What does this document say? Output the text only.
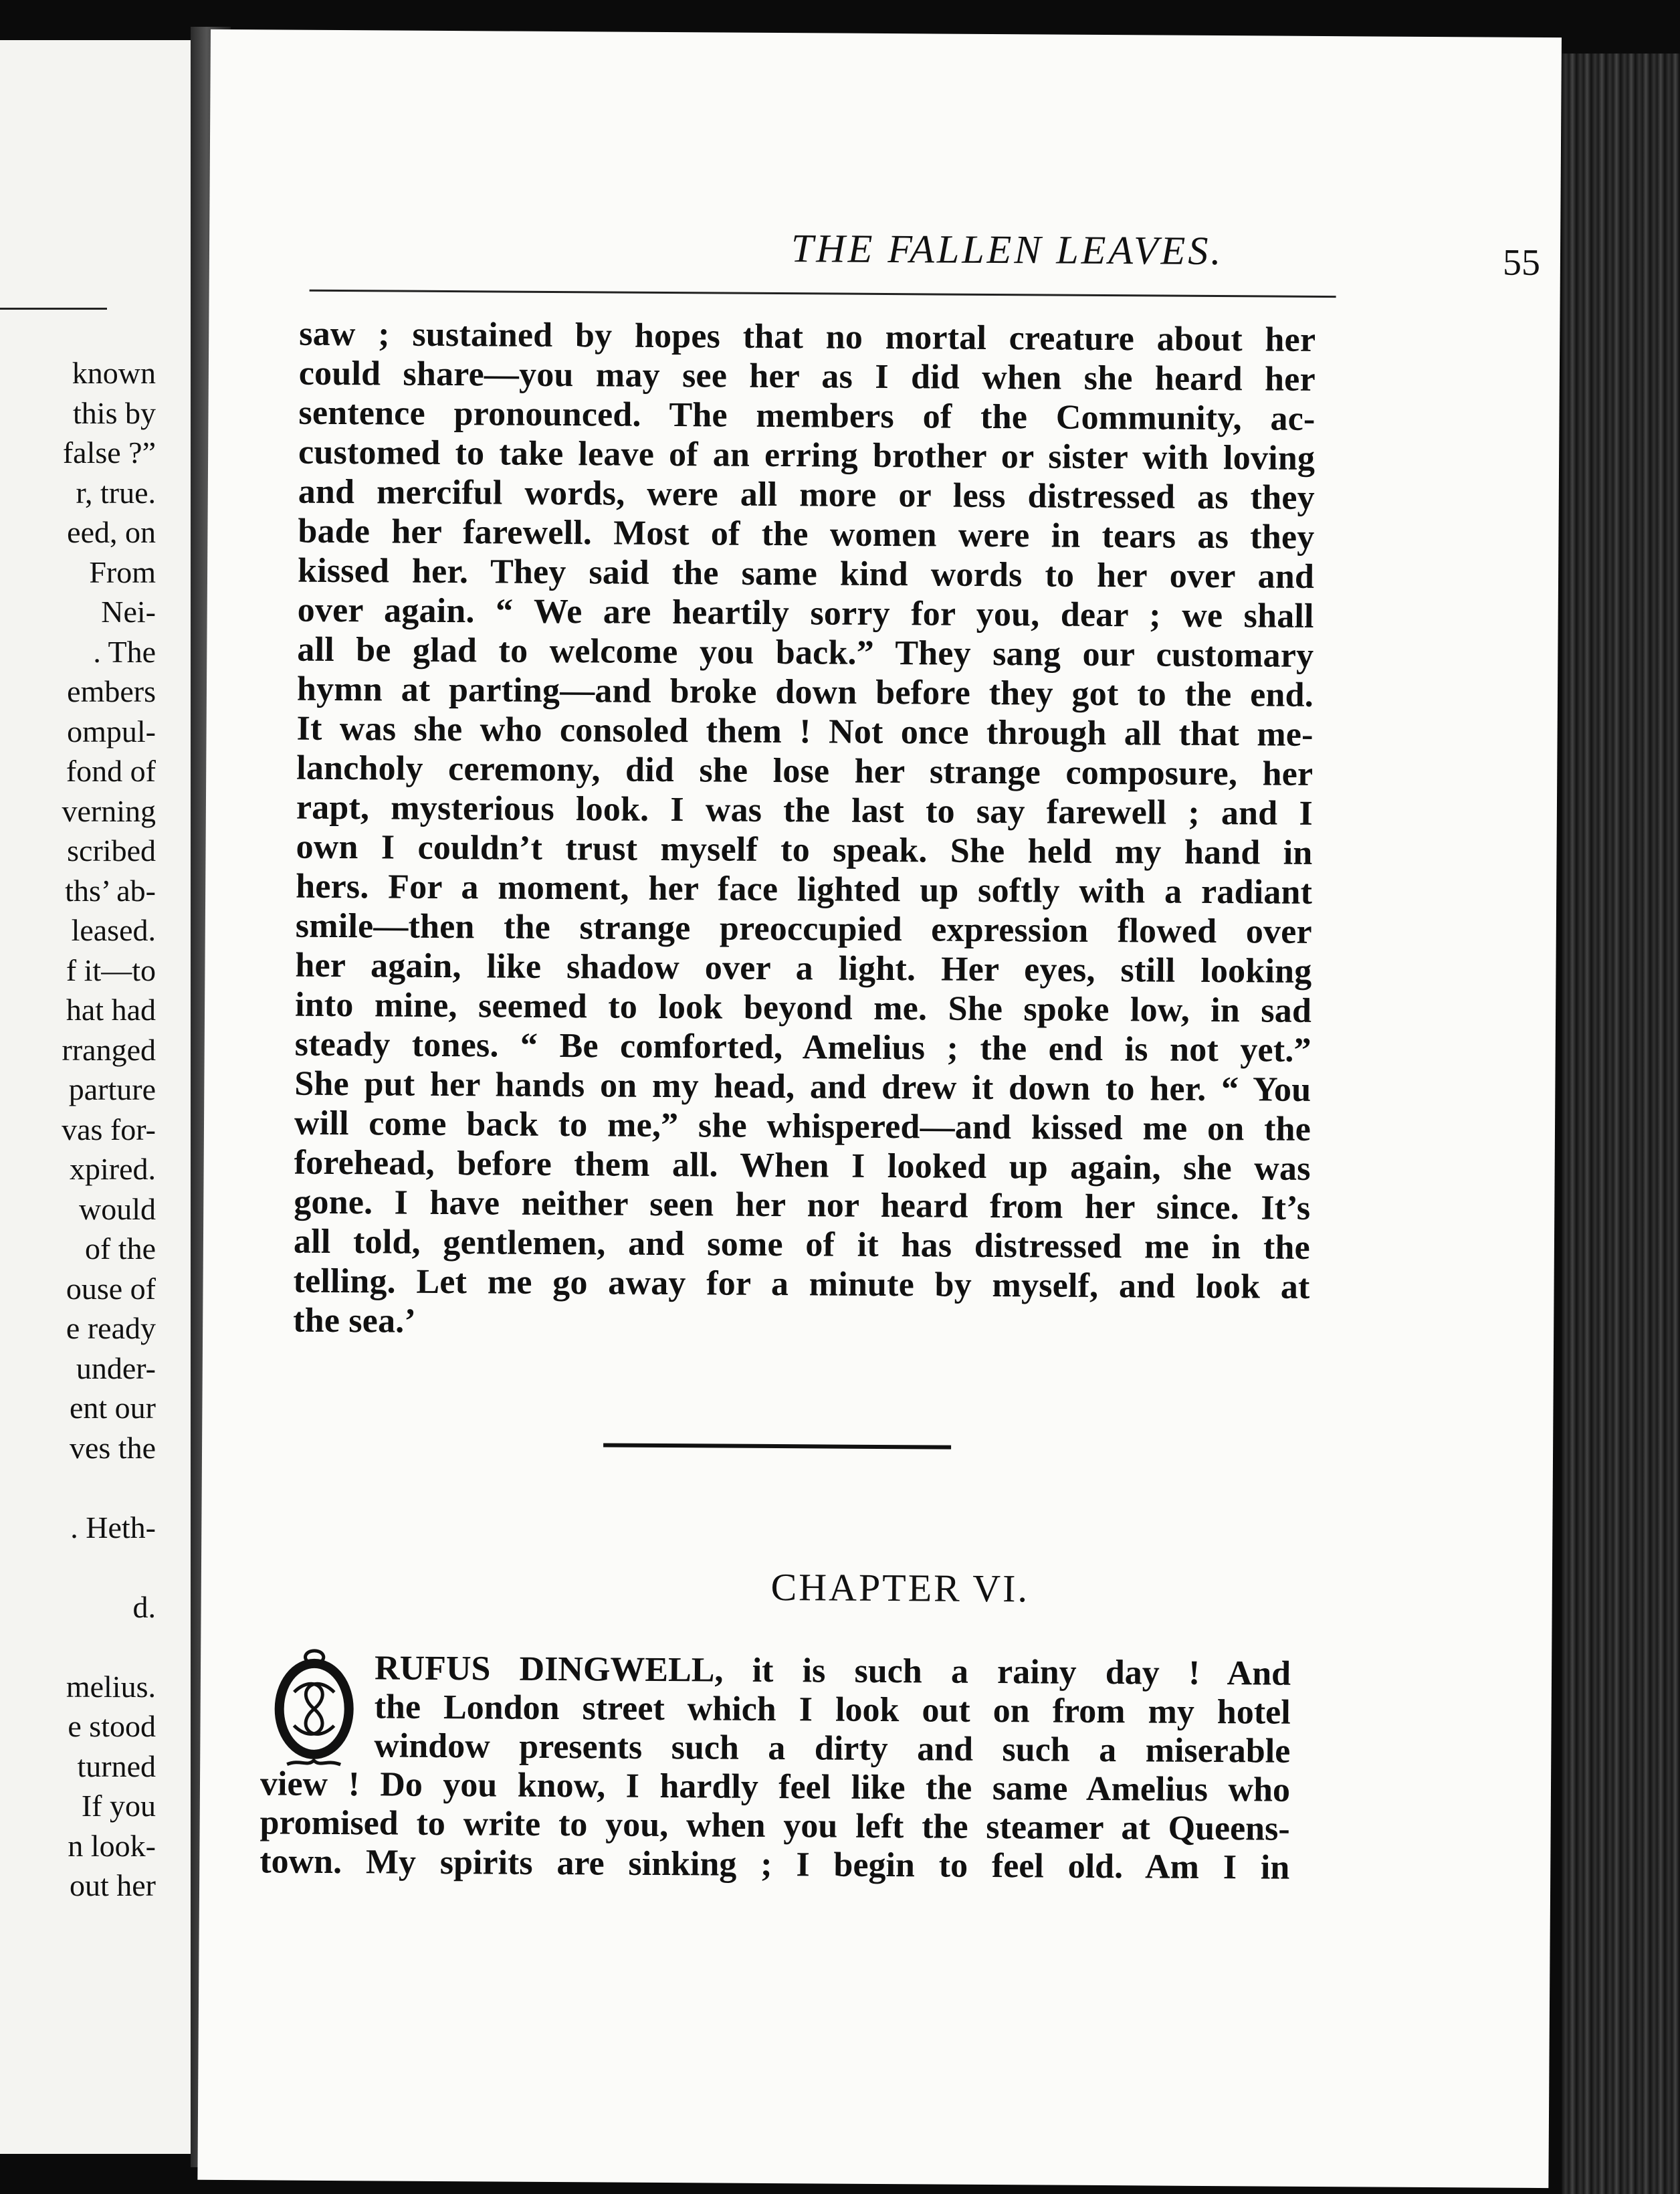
known
this by
false ?”
r, true.
eed, on
From
Nei-
. The
embers
ompul-
fond of
verning
scribed
ths’ ab-
leased.
f it—to
hat had
rranged
parture
vas for-
xpired.
would
of the
ouse of
e ready
under-
ent our
ves the

. Heth-

d.

melius.
e stood
turned
If you
n look-
out her
THE FALLEN LEAVES.	55
saw ; sustained by hopes that no mortal creature about her
could share—you may see her as I did when she heard her
sentence pronounced. The members of the Community, ac-
customed to take leave of an erring brother or sister with loving
and merciful words, were all more or less distressed as they
bade her farewell. Most of the women were in tears as they
kissed her. They said the same kind words to her over and
over again. “ We are heartily sorry for you, dear ; we shall
all be glad to welcome you back.” They sang our customary
hymn at parting—and broke down before they got to the end.
It was she who consoled them ! Not once through all that me-
lancholy ceremony, did she lose her strange composure, her
rapt, mysterious look. I was the last to say farewell ; and I
own I couldn’t trust myself to speak. She held my hand in
hers. For a moment, her face lighted up softly with a radiant
smile—then the strange preoccupied expression flowed over
her again, like shadow over a light. Her eyes, still looking
into mine, seemed to look beyond me. She spoke low, in sad
steady tones. “ Be comforted, Amelius ; the end is not yet.”
She put her hands on my head, and drew it down to her. “ You
will come back to me,” she whispered—and kissed me on the
forehead, before them all. When I looked up again, she was
gone. I have neither seen her nor heard from her since. It’s
all told, gentlemen, and some of it has distressed me in the
telling. Let me go away for a minute by myself, and look at
the sea.’
CHAPTER VI.
RUFUS DINGWELL, it is such a rainy day ! And
the London street which I look out on from my hotel
window presents such a dirty and such a miserable
view ! Do you know, I hardly feel like the same Amelius who
promised to write to you, when you left the steamer at Queens-
town. My spirits are sinking ; I begin to feel old. Am I in
